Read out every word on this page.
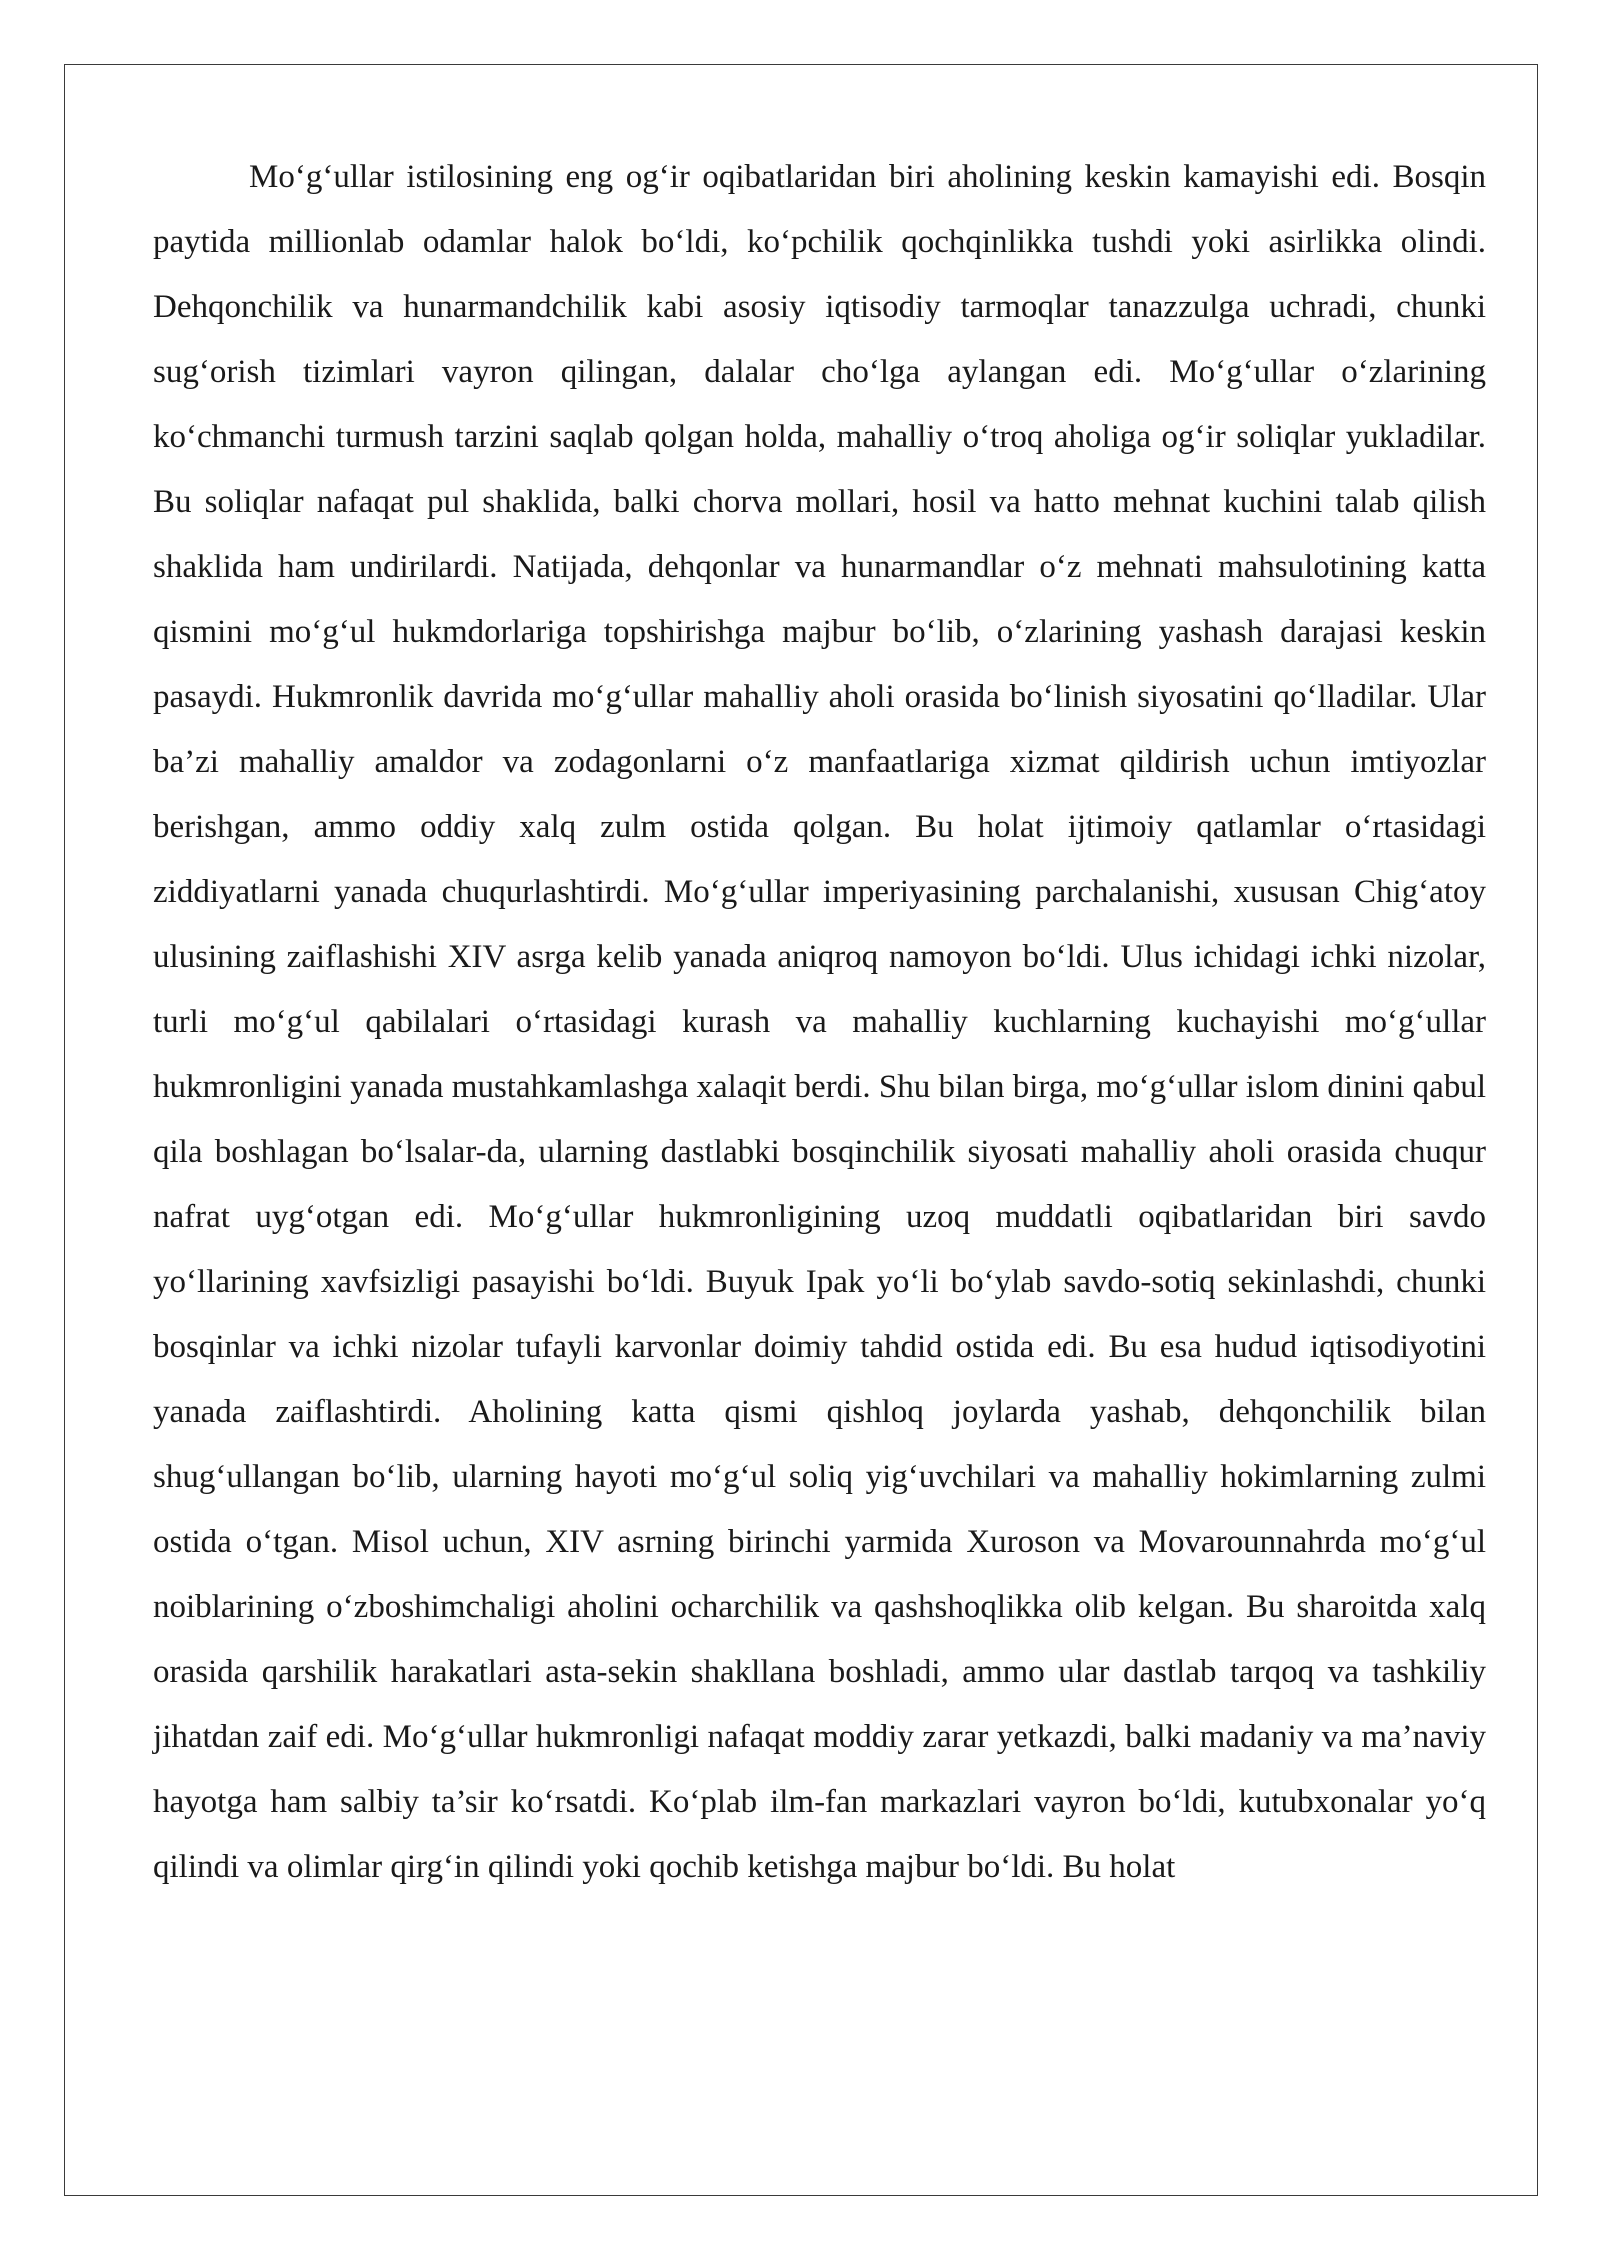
Mo‘g‘ullar istilosining eng og‘ir oqibatlaridan biri aholining keskin kamayishi edi. Bosqin paytida millionlab odamlar halok bo‘ldi, ko‘pchilik qochqinlikka tushdi yoki asirlikka olindi. Dehqonchilik va hunarmandchilik kabi asosiy iqtisodiy tarmoqlar tanazzulga uchradi, chunki sug‘orish tizimlari vayron qilingan, dalalar cho‘lga aylangan edi. Mo‘g‘ullar o‘zlarining ko‘chmanchi turmush tarzini saqlab qolgan holda, mahalliy o‘troq aholiga og‘ir soliqlar yukladilar. Bu soliqlar nafaqat pul shaklida, balki chorva mollari, hosil va hatto mehnat kuchini talab qilish shaklida ham undirilardi. Natijada, dehqonlar va hunarmandlar o‘z mehnati mahsulotining katta qismini mo‘g‘ul hukmdorlariga topshirishga majbur bo‘lib, o‘zlarining yashash darajasi keskin pasaydi. Hukmronlik davrida mo‘g‘ullar mahalliy aholi orasida bo‘linish siyosatini qo‘lladilar. Ular ba’zi mahalliy amaldor va zodagonlarni o‘z manfaatlariga xizmat qildirish uchun imtiyozlar berishgan, ammo oddiy xalq zulm ostida qolgan. Bu holat ijtimoiy qatlamlar o‘rtasidagi ziddiyatlarni yanada chuqurlashtirdi. Mo‘g‘ullar imperiyasining parchalanishi, xususan Chig‘atoy ulusining zaiflashishi XIV asrga kelib yanada aniqroq namoyon bo‘ldi. Ulus ichidagi ichki nizolar, turli mo‘g‘ul qabilalari o‘rtasidagi kurash va mahalliy kuchlarning kuchayishi mo‘g‘ullar hukmronligini yanada mustahkamlashga xalaqit berdi. Shu bilan birga, mo‘g‘ullar islom dinini qabul qila boshlagan bo‘lsalar-da, ularning dastlabki bosqinchilik siyosati mahalliy aholi orasida chuqur nafrat uyg‘otgan edi. Mo‘g‘ullar hukmronligining uzoq muddatli oqibatlaridan biri savdo yo‘llarining xavfsizligi pasayishi bo‘ldi. Buyuk Ipak yo‘li bo‘ylab savdo-sotiq sekinlashdi, chunki bosqinlar va ichki nizolar tufayli karvonlar doimiy tahdid ostida edi. Bu esa hudud iqtisodiyotini yanada zaiflashtirdi. Aholining katta qismi qishloq joylarda yashab, dehqonchilik bilan shug‘ullangan bo‘lib, ularning hayoti mo‘g‘ul soliq yig‘uvchilari va mahalliy hokimlarning zulmi ostida o‘tgan. Misol uchun, XIV asrning birinchi yarmida Xuroson va Movarounnahrda mo‘g‘ul noiblarining o‘zboshimchaligi aholini ocharchilik va qashshoqlikka olib kelgan. Bu sharoitda xalq orasida qarshilik harakatlari asta-sekin shakllana boshladi, ammo ular dastlab tarqoq va tashkiliy jihatdan zaif edi. Mo‘g‘ullar hukmronligi nafaqat moddiy zarar yetkazdi, balki madaniy va ma’naviy hayotga ham salbiy ta’sir ko‘rsatdi. Ko‘plab ilm-fan markazlari vayron bo‘ldi, kutubxonalar yo‘q qilindi va olimlar qirg‘in qilindi yoki qochib ketishga majbur bo‘ldi. Bu holat
